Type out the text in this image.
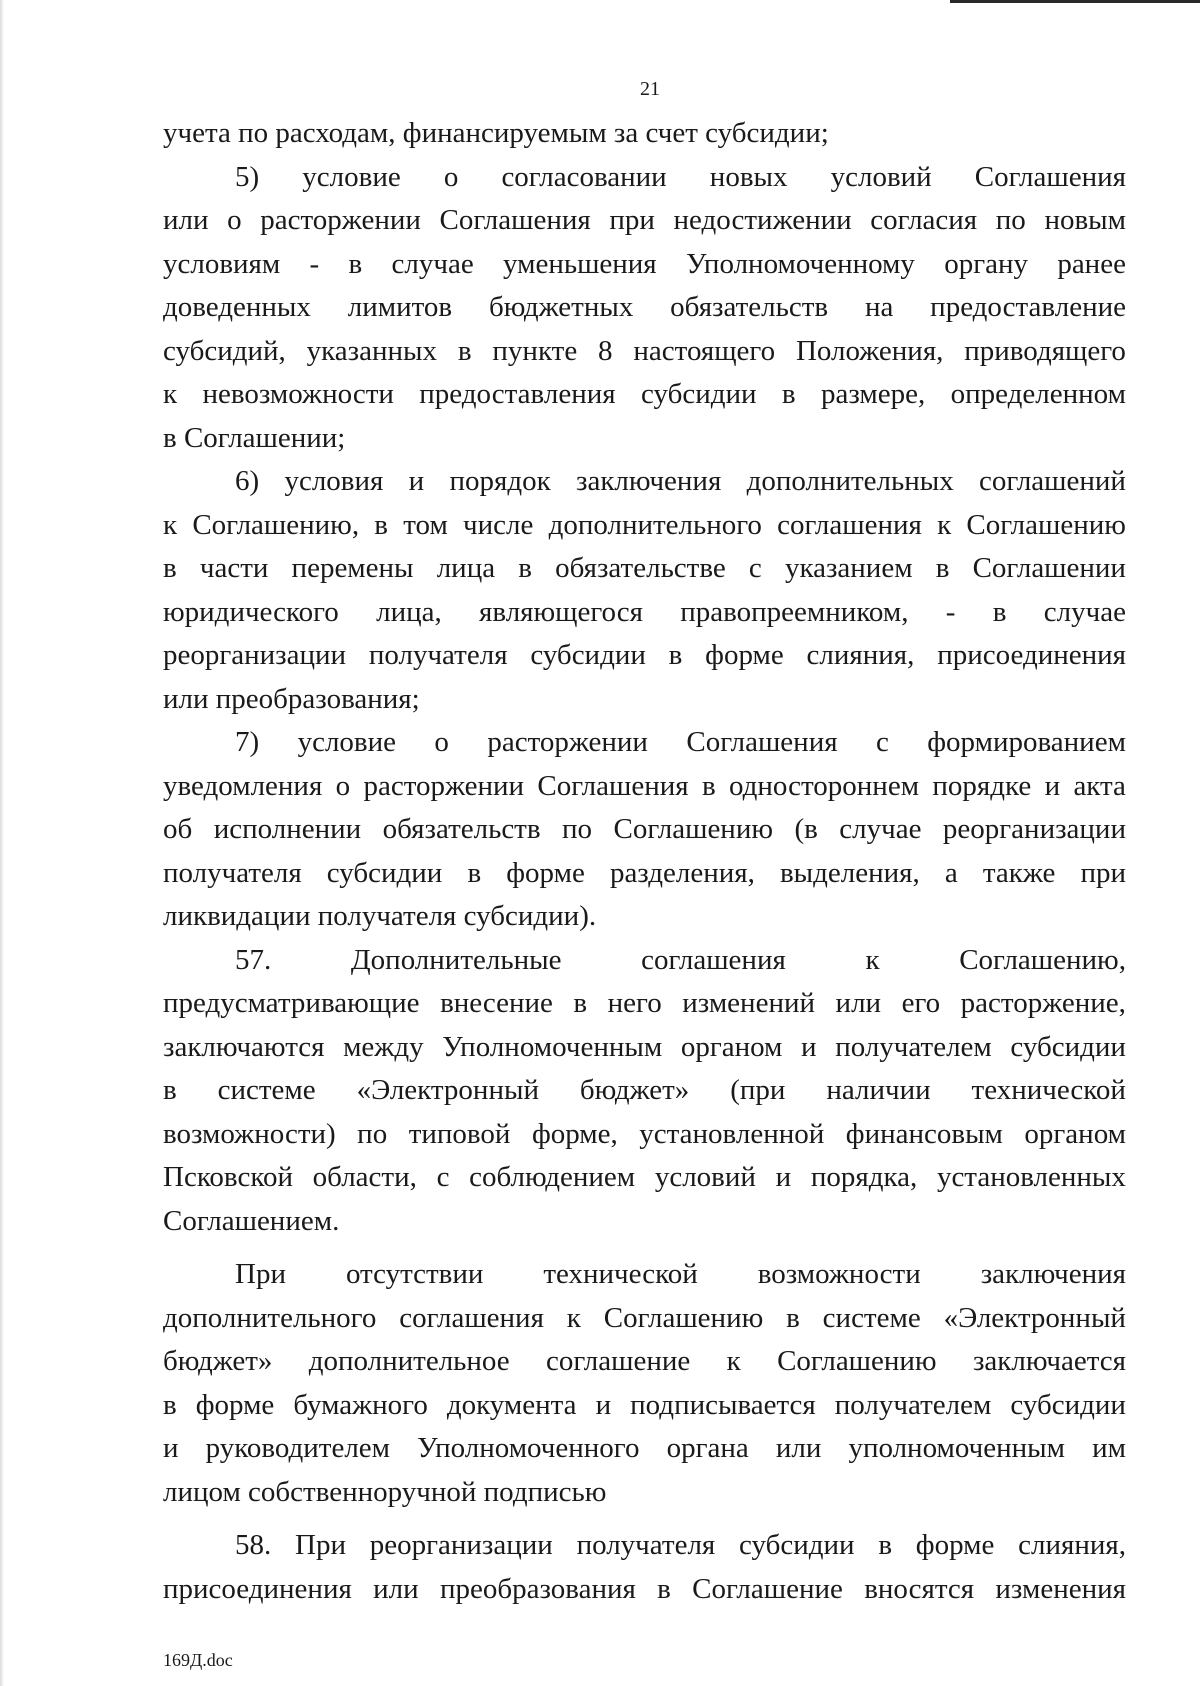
21
учета по расходам, финансируемым за счет субсидии;
5) условие о согласовании новых условий Соглашения
или о расторжении Соглашения при недостижении согласия по новым
условиям - в случае уменьшения Уполномоченному органу ранее
доведенных лимитов бюджетных обязательств на предоставление
субсидий, указанных в пункте 8 настоящего Положения, приводящего
к невозможности предоставления субсидии в размере, определенном
в Соглашении;
6) условия и порядок заключения дополнительных соглашений
к Соглашению, в том числе дополнительного соглашения к Соглашению
в части перемены лица в обязательстве с указанием в Соглашении
юридического лица, являющегося правопреемником, - в случае
реорганизации получателя субсидии в форме слияния, присоединения
или преобразования;
7) условие о расторжении Соглашения с формированием
уведомления о расторжении Соглашения в одностороннем порядке и акта
об исполнении обязательств по Соглашению (в случае реорганизации
получателя субсидии в форме разделения, выделения, а также при
ликвидации получателя субсидии).
57.	Дополнительные	соглашения	к	Соглашению,
предусматривающие внесение в него изменений или его расторжение,
заключаются между Уполномоченным органом и получателем субсидии
в системе «Электронный бюджет» (при наличии технической
возможности) по типовой форме, установленной финансовым органом
Псковской области, с соблюдением условий и порядка, установленных
Соглашением.
При отсутствии технической возможности заключения
дополнительного соглашения к Соглашению в системе «Электронный
бюджет» дополнительное соглашение к Соглашению заключается
в форме бумажного документа и подписывается получателем субсидии
и руководителем Уполномоченного органа или уполномоченным им
лицом собственноручной подписью
58. При реорганизации получателя субсидии в форме слияния,
присоединения или преобразования в Соглашение вносятся изменения
169Д.doc
